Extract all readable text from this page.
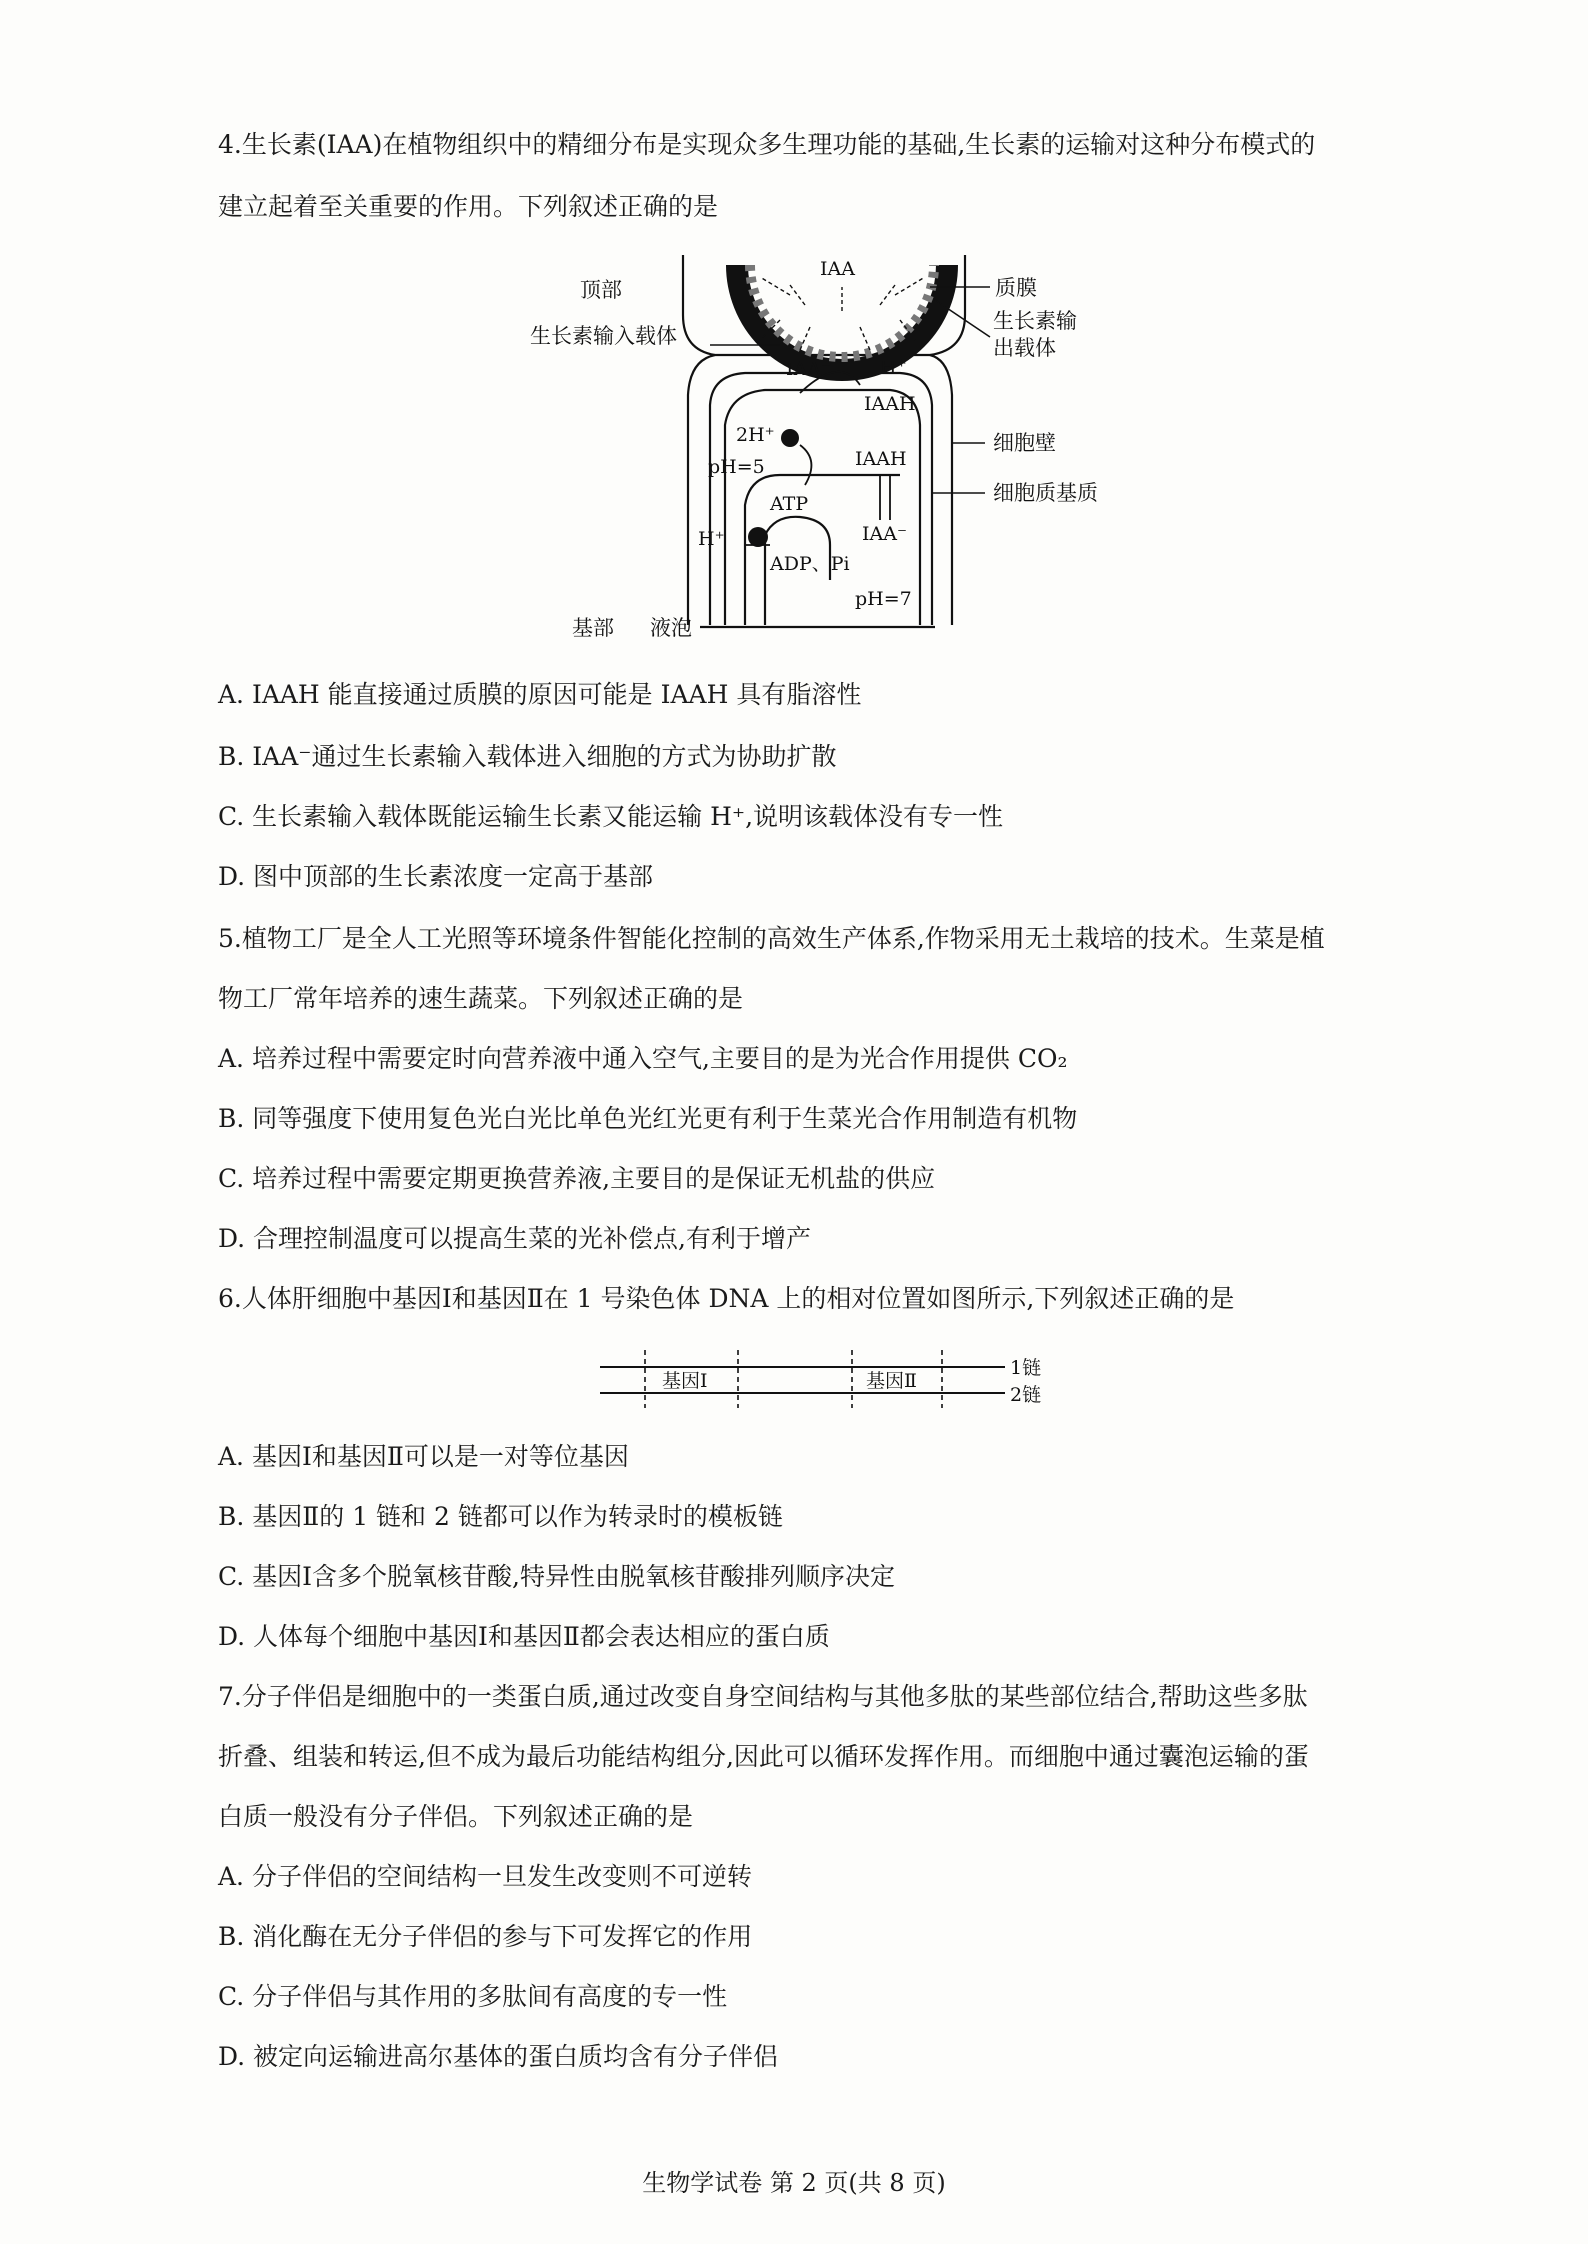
4.生长素(IAA)在植物组织中的精细分布是实现众多生理功能的基础,生长素的运输对这种分布模式的
建立起着至关重要的作用。下列叙述正确的是
顶部
生长素输入载体
质膜
生长素输
出载体
细胞壁
细胞质基质
基部 液泡
IAA
IAA⁻	H⁺
IAAH
2H⁺
pH=5	IAAH
ATP
H⁺	IAA⁻
ADP、Pi
pH=7
A. IAAH 能直接通过质膜的原因可能是 IAAH 具有脂溶性
B. IAA⁻通过生长素输入载体进入细胞的方式为协助扩散
C. 生长素输入载体既能运输生长素又能运输 H⁺,说明该载体没有专一性
D. 图中顶部的生长素浓度一定高于基部
5.植物工厂是全人工光照等环境条件智能化控制的高效生产体系,作物采用无土栽培的技术。生菜是植
物工厂常年培养的速生蔬菜。下列叙述正确的是
A. 培养过程中需要定时向营养液中通入空气,主要目的是为光合作用提供 CO₂
B. 同等强度下使用复色光白光比单色光红光更有利于生菜光合作用制造有机物
C. 培养过程中需要定期更换营养液,主要目的是保证无机盐的供应
D. 合理控制温度可以提高生菜的光补偿点,有利于增产
6.人体肝细胞中基因Ⅰ和基因Ⅱ在 1 号染色体 DNA 上的相对位置如图所示,下列叙述正确的是
基因Ⅰ	基因Ⅱ
1链
2链
A. 基因Ⅰ和基因Ⅱ可以是一对等位基因
B. 基因Ⅱ的 1 链和 2 链都可以作为转录时的模板链
C. 基因Ⅰ含多个脱氧核苷酸,特异性由脱氧核苷酸排列顺序决定
D. 人体每个细胞中基因Ⅰ和基因Ⅱ都会表达相应的蛋白质
7.分子伴侣是细胞中的一类蛋白质,通过改变自身空间结构与其他多肽的某些部位结合,帮助这些多肽
折叠、组装和转运,但不成为最后功能结构组分,因此可以循环发挥作用。而细胞中通过囊泡运输的蛋
白质一般没有分子伴侣。下列叙述正确的是
A. 分子伴侣的空间结构一旦发生改变则不可逆转
B. 消化酶在无分子伴侣的参与下可发挥它的作用
C. 分子伴侣与其作用的多肽间有高度的专一性
D. 被定向运输进高尔基体的蛋白质均含有分子伴侣
生物学试卷 第 2 页(共 8 页)
